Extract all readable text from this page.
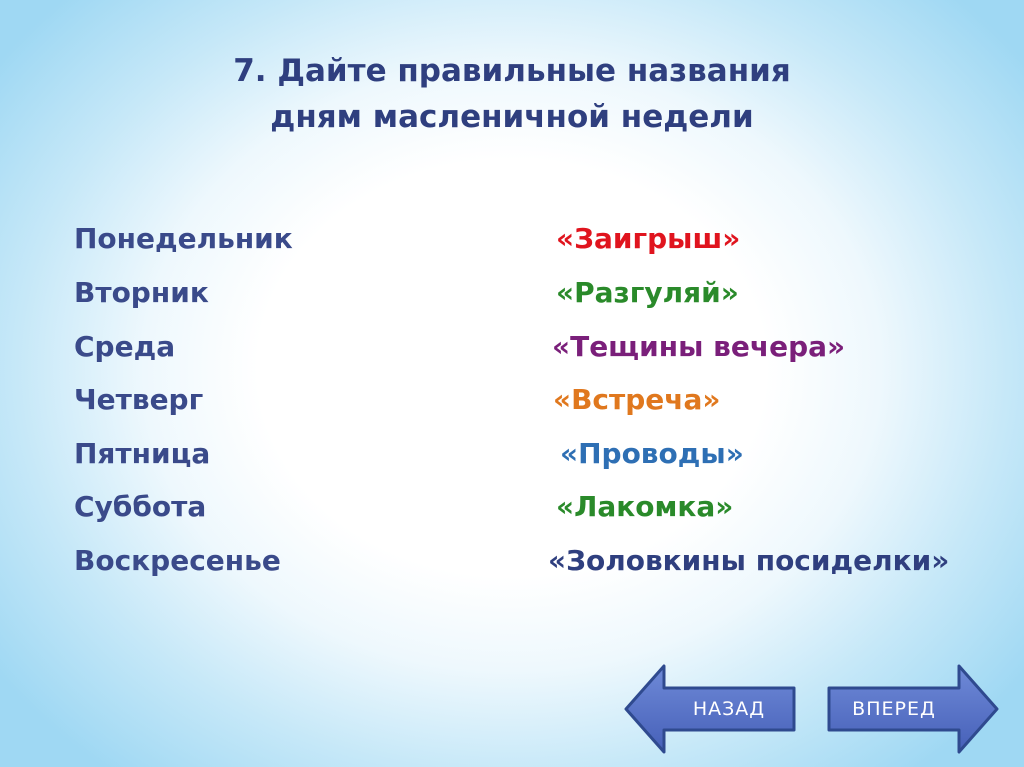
7. Дайте правильные названия
дням масленичной недели
Понедельник
Вторник
Среда
Четверг
Пятница
Суббота
Воскресенье
«Заигрыш»
«Разгуляй»
«Тещины вечера»
«Встреча»
«Проводы»
«Лакомка»
«Золовкины посиделки»
НАЗАД	ВПЕРЕД
